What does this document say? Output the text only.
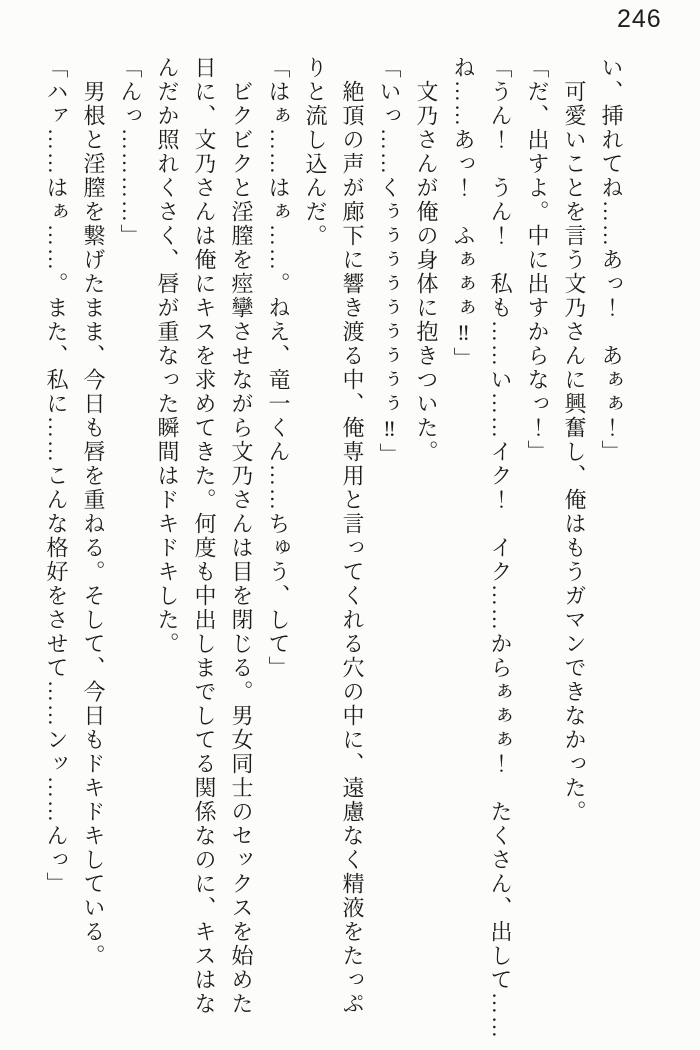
246
い、挿れてね……あっ！　あぁぁ！」
可愛いことを言う文乃さんに興奮し、俺はもうガマンできなかった。
「だ、出すよ。中に出すからなっ！」
「うん！　うん！　私も……い……イク！　イク……からぁぁぁ！　たくさん、出して……
ね……あっ！　ふぁぁぁ‼」
文乃さんが俺の身体に抱きついた。
「いっ……くぅぅぅぅぅぅぅぅぅ‼」
絶頂の声が廊下に響き渡る中、俺専用と言ってくれる穴の中に、遠慮なく精液をたっぷ
りと流し込んだ。
「はぁ……はぁ……。ねえ、竜一くん……ちゅう、して」
ビクビクと淫膣を痙攣させながら文乃さんは目を閉じる。男女同士のセックスを始めた
日に、文乃さんは俺にキスを求めてきた。何度も中出しまでしてる関係なのに、キスはな
んだか照れくさく、唇が重なった瞬間はドキドキした。
「んっ…………」
男根と淫膣を繋げたまま、今日も唇を重ねる。そして、今日もドキドキしている。
「ハァ……はぁ……。また、私に……こんな格好をさせて……ンッ……んっ」
